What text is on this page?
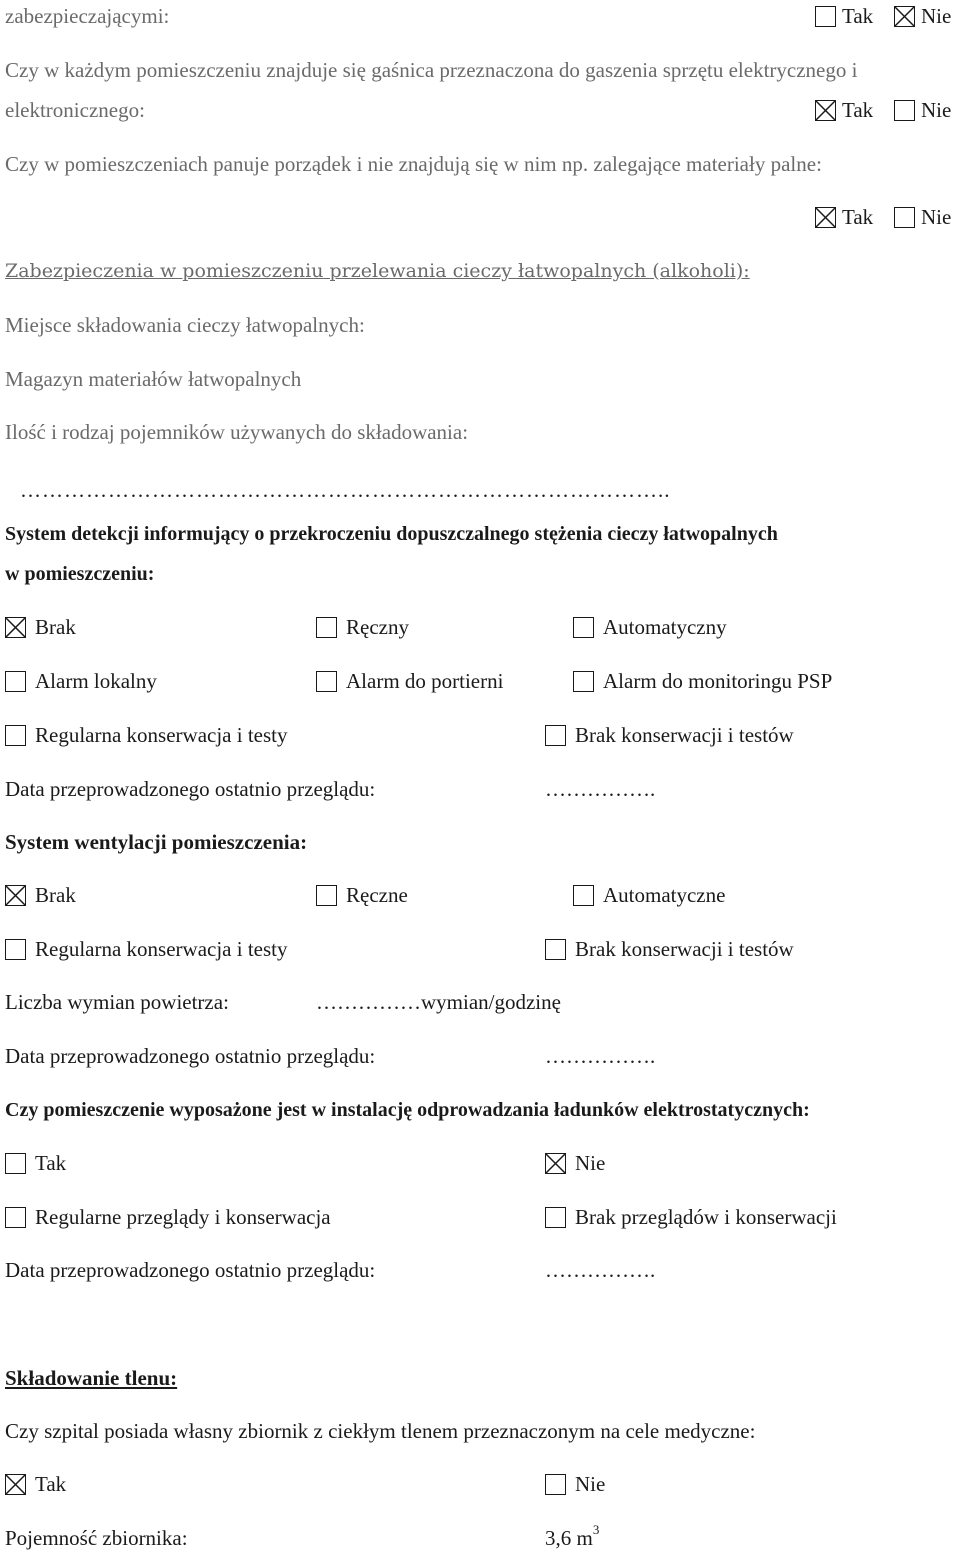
zabezpieczającymi:	Tak Nie
Czy w każdym pomieszczeniu znajduje się gaśnica przeznaczona do gaszenia sprzętu elektrycznego i
elektronicznego:	Tak Nie
Czy w pomieszczeniach panuje porządek i nie znajdują się w nim np. zalegające materiały palne:
Tak Nie
Zabezpieczenia w pomieszczeniu przelewania cieczy łatwopalnych (alkoholi):
Miejsce składowania cieczy łatwopalnych:
Magazyn materiałów łatwopalnych
Ilość i rodzaj pojemników używanych do składowania:
……………………………………………………………………………..
System detekcji informujący o przekroczeniu dopuszczalnego stężenia cieczy łatwopalnych
w pomieszczeniu:
Brak	Ręczny	Automatyczny
Alarm lokalny	Alarm do portierni	Alarm do monitoringu PSP
Regularna konserwacja i testy	Brak konserwacji i testów
Data przeprowadzonego ostatnio przeglądu:	…………….
System wentylacji pomieszczenia:
Brak	Ręczne	Automatyczne
Regularna konserwacja i testy	Brak konserwacji i testów
Liczba wymian powietrza:	……………wymian/godzinę
Data przeprowadzonego ostatnio przeglądu:	…………….
Czy pomieszczenie wyposażone jest w instalację odprowadzania ładunków elektrostatycznych:
Tak	Nie
Regularne przeglądy i konserwacja	Brak przeglądów i konserwacji
Data przeprowadzonego ostatnio przeglądu:	…………….
Składowanie tlenu:
Czy szpital posiada własny zbiornik z ciekłym tlenem przeznaczonym na cele medyczne:
Tak	Nie
Pojemność zbiornika:	3,6 $m^3$
